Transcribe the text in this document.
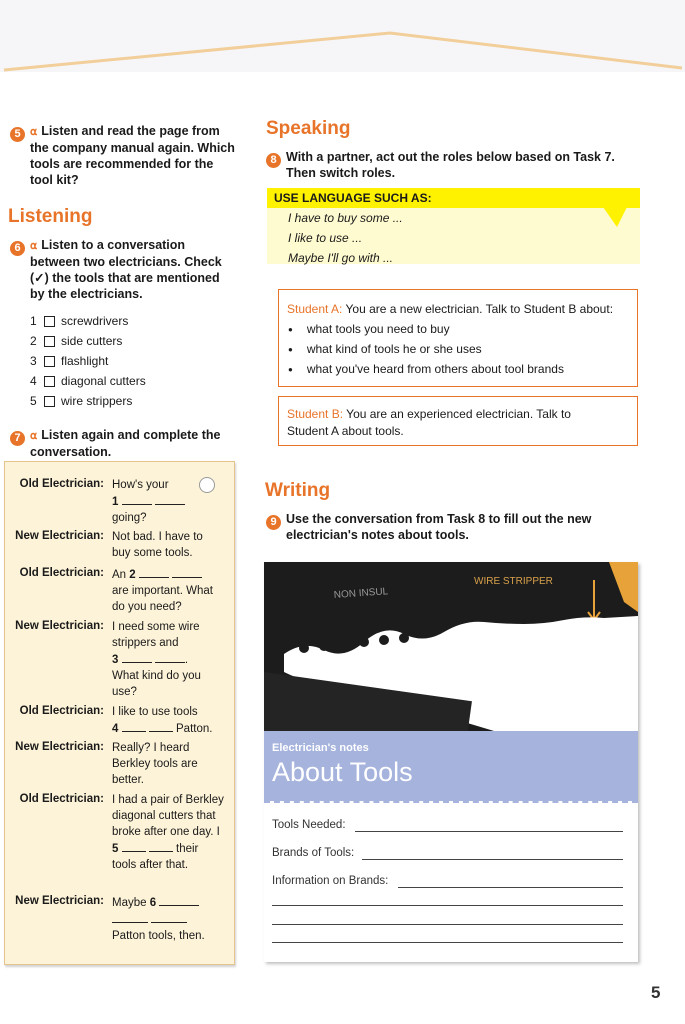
5 ⍺ Listen and read the page from the company manual again. Which tools are recommended for the tool kit?
Listening
6 ⍺ Listen to a conversation between two electricians. Check (✓) the tools that are mentioned by the electricians.
1	screwdrivers
2	side cutters
3	flashlight
4	diagonal cutters
5	wire strippers
7 ⍺ Listen again and complete the conversation.
Old Electrician: How's your
1
going?
New Electrician: Not bad. I have to buy some tools.
Old Electrician: An 2
are important. What do you need?
New Electrician: I need some wire strippers and
3	.
What kind do you use?
Old Electrician: I like to use tools
4	Patton.
New Electrician: Really? I heard Berkley tools are better.
Old Electrician: I had a pair of Berkley diagonal cutters that broke after one day. I
5	their
tools after that.
New Electrician: Maybe 6

Patton tools, then.
Speaking
8 With a partner, act out the roles below based on Task 7. Then switch roles.
USE LANGUAGE SUCH AS:
I have to buy some ...
I like to use ...
Maybe I'll go with ...
Student A: You are a new electrician. Talk to Student B about:
● what tools you need to buy
● what kind of tools he or she uses
● what you've heard from others about tool brands
Student B: You are an experienced electrician. Talk to
Student A about tools.
Writing
9 Use the conversation from Task 8 to fill out the new electrician's notes about tools.
WIRE STRIPPER
NON INSUL
Electrician's notes
About Tools
Tools Needed:
Brands of Tools:
Information on Brands:
5
